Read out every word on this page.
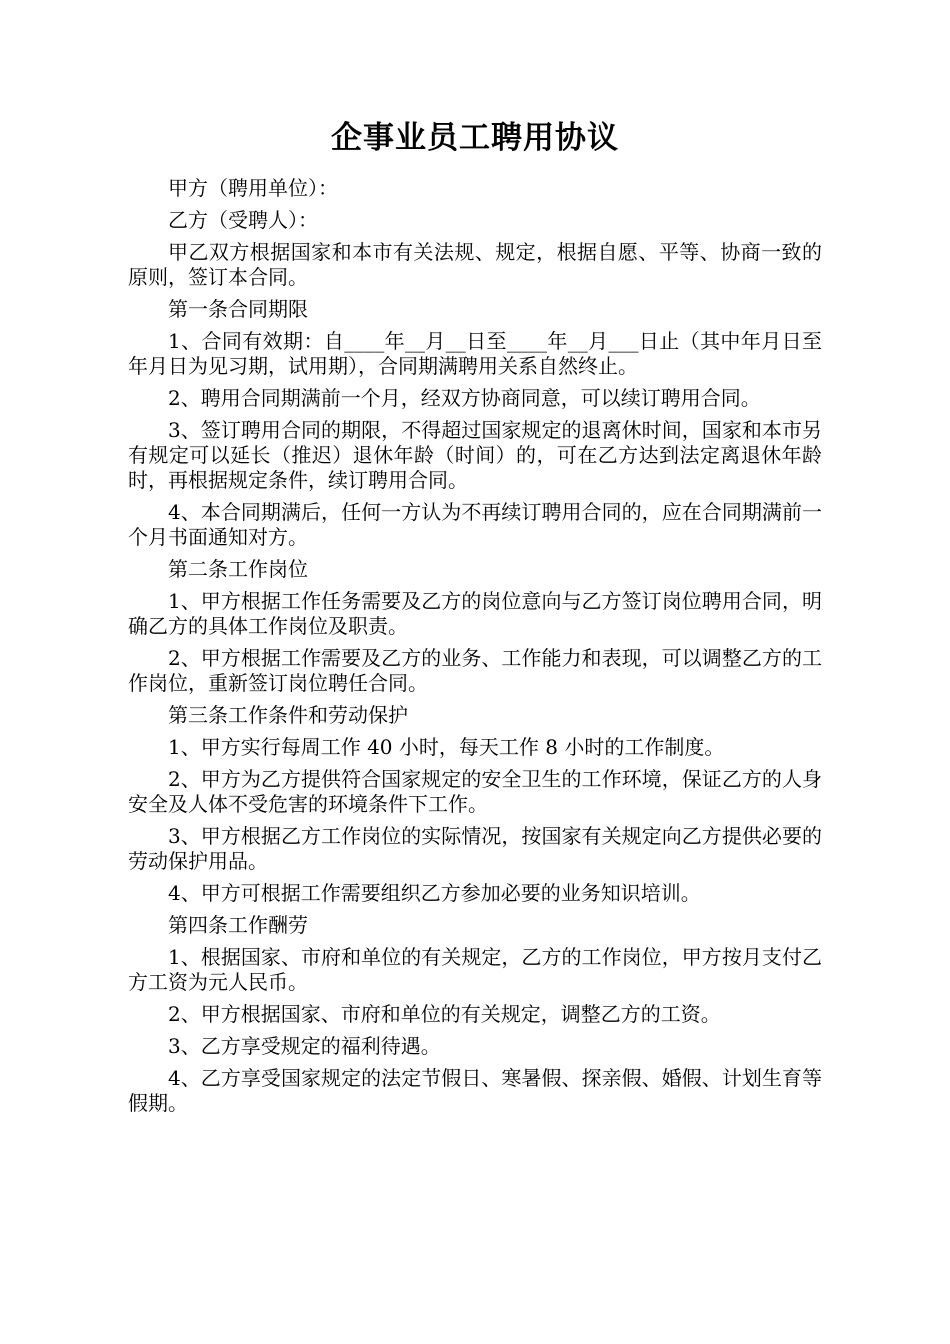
企事业员工聘用协议

甲方（聘用单位）：

乙方（受聘人）：

甲乙双方根据国家和本市有关法规、规定，根据自愿、平等、协商一致的原则，签订本合同。

第一条合同期限

1、合同有效期：自____年__月__日至____年__月___日止（其中年月日至年月日为见习期，试用期），合同期满聘用关系自然终止。

2、聘用合同期满前一个月，经双方协商同意，可以续订聘用合同。

3、签订聘用合同的期限，不得超过国家规定的退离休时间，国家和本市另有规定可以延长（推迟）退休年龄（时间）的，可在乙方达到法定离退休年龄时，再根据规定条件，续订聘用合同。

4、本合同期满后，任何一方认为不再续订聘用合同的，应在合同期满前一个月书面通知对方。

第二条工作岗位

1、甲方根据工作任务需要及乙方的岗位意向与乙方签订岗位聘用合同，明确乙方的具体工作岗位及职责。

2、甲方根据工作需要及乙方的业务、工作能力和表现，可以调整乙方的工作岗位，重新签订岗位聘任合同。

第三条工作条件和劳动保护

1、甲方实行每周工作 40 小时，每天工作 8 小时的工作制度。

2、甲方为乙方提供符合国家规定的安全卫生的工作环境，保证乙方的人身安全及人体不受危害的环境条件下工作。

3、甲方根据乙方工作岗位的实际情况，按国家有关规定向乙方提供必要的劳动保护用品。

4、甲方可根据工作需要组织乙方参加必要的业务知识培训。

第四条工作酬劳

1、根据国家、市府和单位的有关规定，乙方的工作岗位，甲方按月支付乙方工资为元人民币。

2、甲方根据国家、市府和单位的有关规定，调整乙方的工资。

3、乙方享受规定的福利待遇。

4、乙方享受国家规定的法定节假日、寒暑假、探亲假、婚假、计划生育等假期。
